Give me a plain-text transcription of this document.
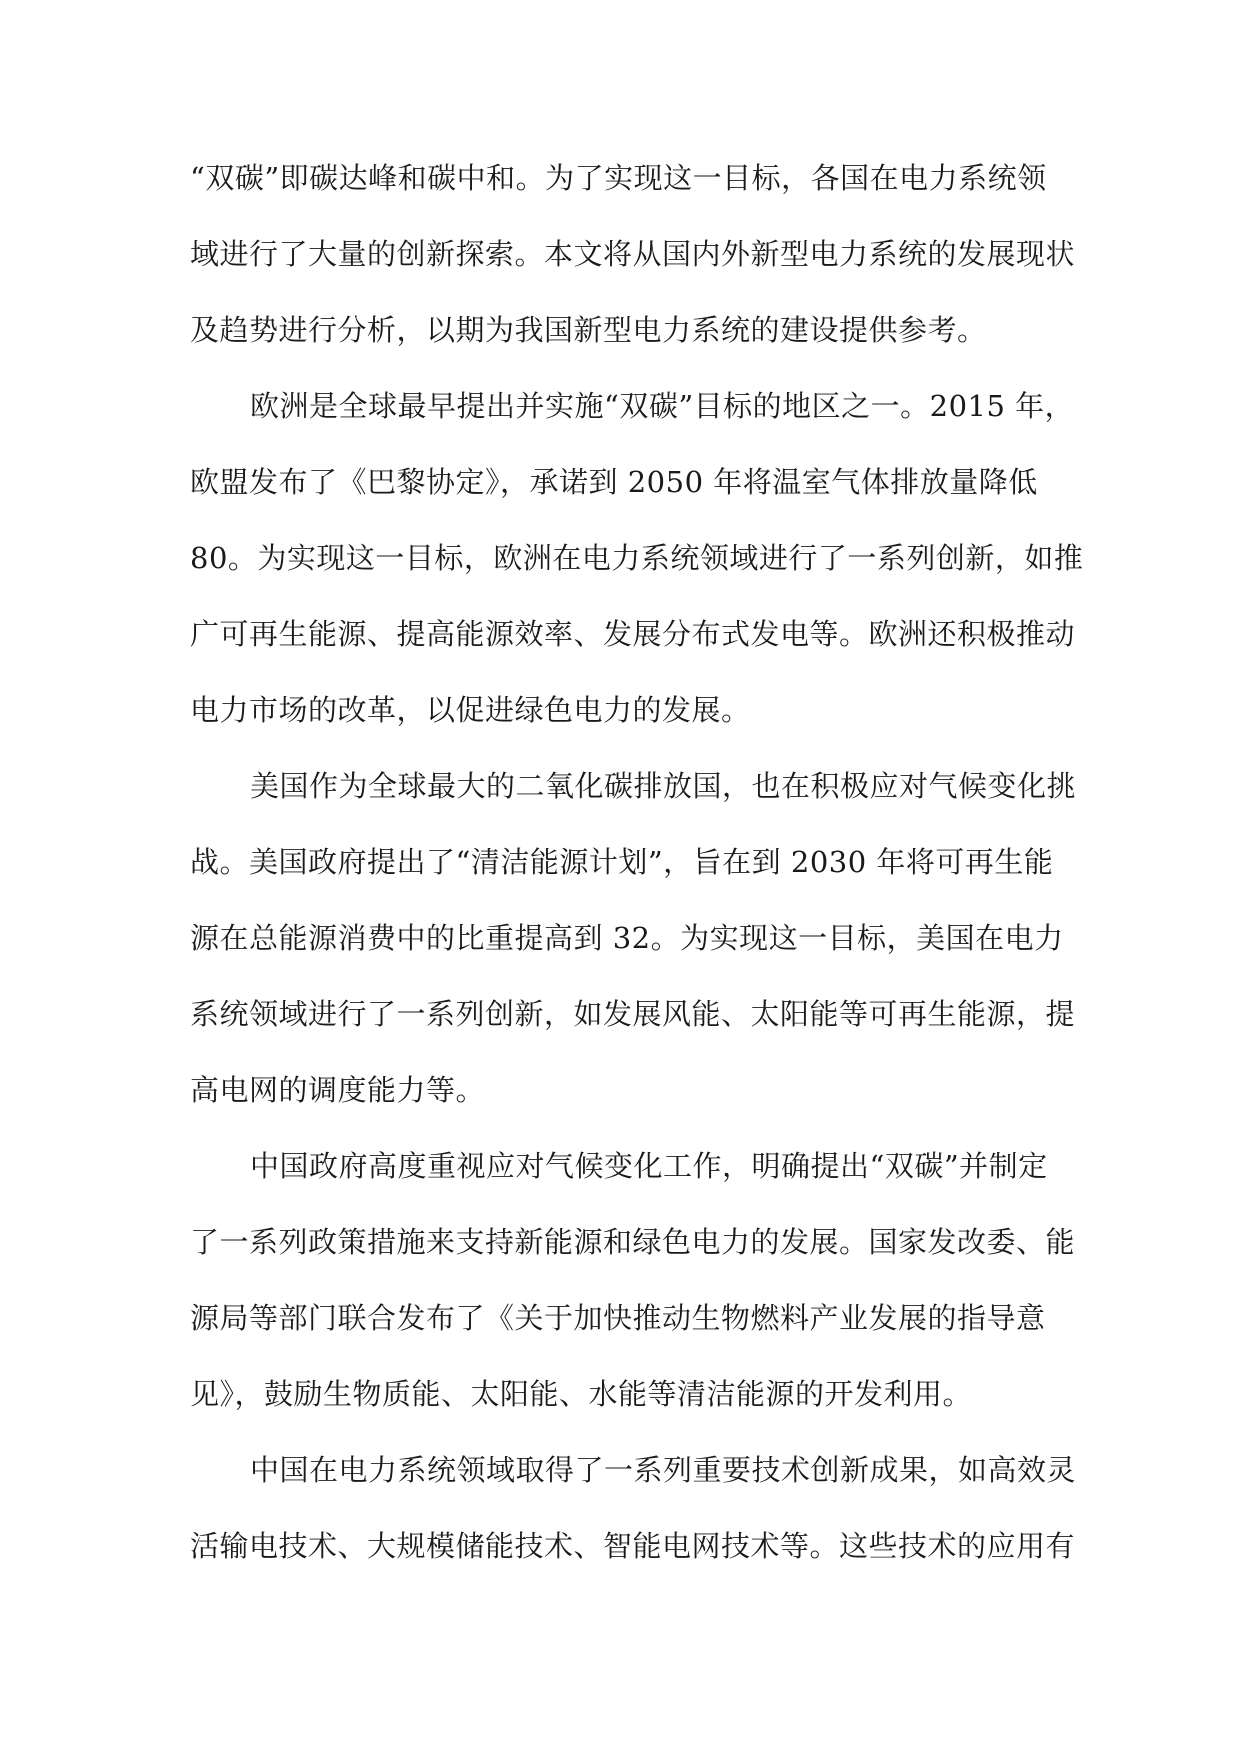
“双碳”即碳达峰和碳中和。为了实现这一目标，各国在电力系统领
域进行了大量的创新探索。本文将从国内外新型电力系统的发展现状
及趋势进行分析，以期为我国新型电力系统的建设提供参考。
欧洲是全球最早提出并实施“双碳”目标的地区之一。2015 年，
欧盟发布了《巴黎协定》，承诺到 2050 年将温室气体排放量降低
80。为实现这一目标，欧洲在电力系统领域进行了一系列创新，如推
广可再生能源、提高能源效率、发展分布式发电等。欧洲还积极推动
电力市场的改革，以促进绿色电力的发展。
美国作为全球最大的二氧化碳排放国，也在积极应对气候变化挑
战。美国政府提出了“清洁能源计划”，旨在到 2030 年将可再生能
源在总能源消费中的比重提高到 32。为实现这一目标，美国在电力
系统领域进行了一系列创新，如发展风能、太阳能等可再生能源，提
高电网的调度能力等。
中国政府高度重视应对气候变化工作，明确提出“双碳”并制定
了一系列政策措施来支持新能源和绿色电力的发展。国家发改委、能
源局等部门联合发布了《关于加快推动生物燃料产业发展的指导意
见》，鼓励生物质能、太阳能、水能等清洁能源的开发利用。
中国在电力系统领域取得了一系列重要技术创新成果，如高效灵
活输电技术、大规模储能技术、智能电网技术等。这些技术的应用有
